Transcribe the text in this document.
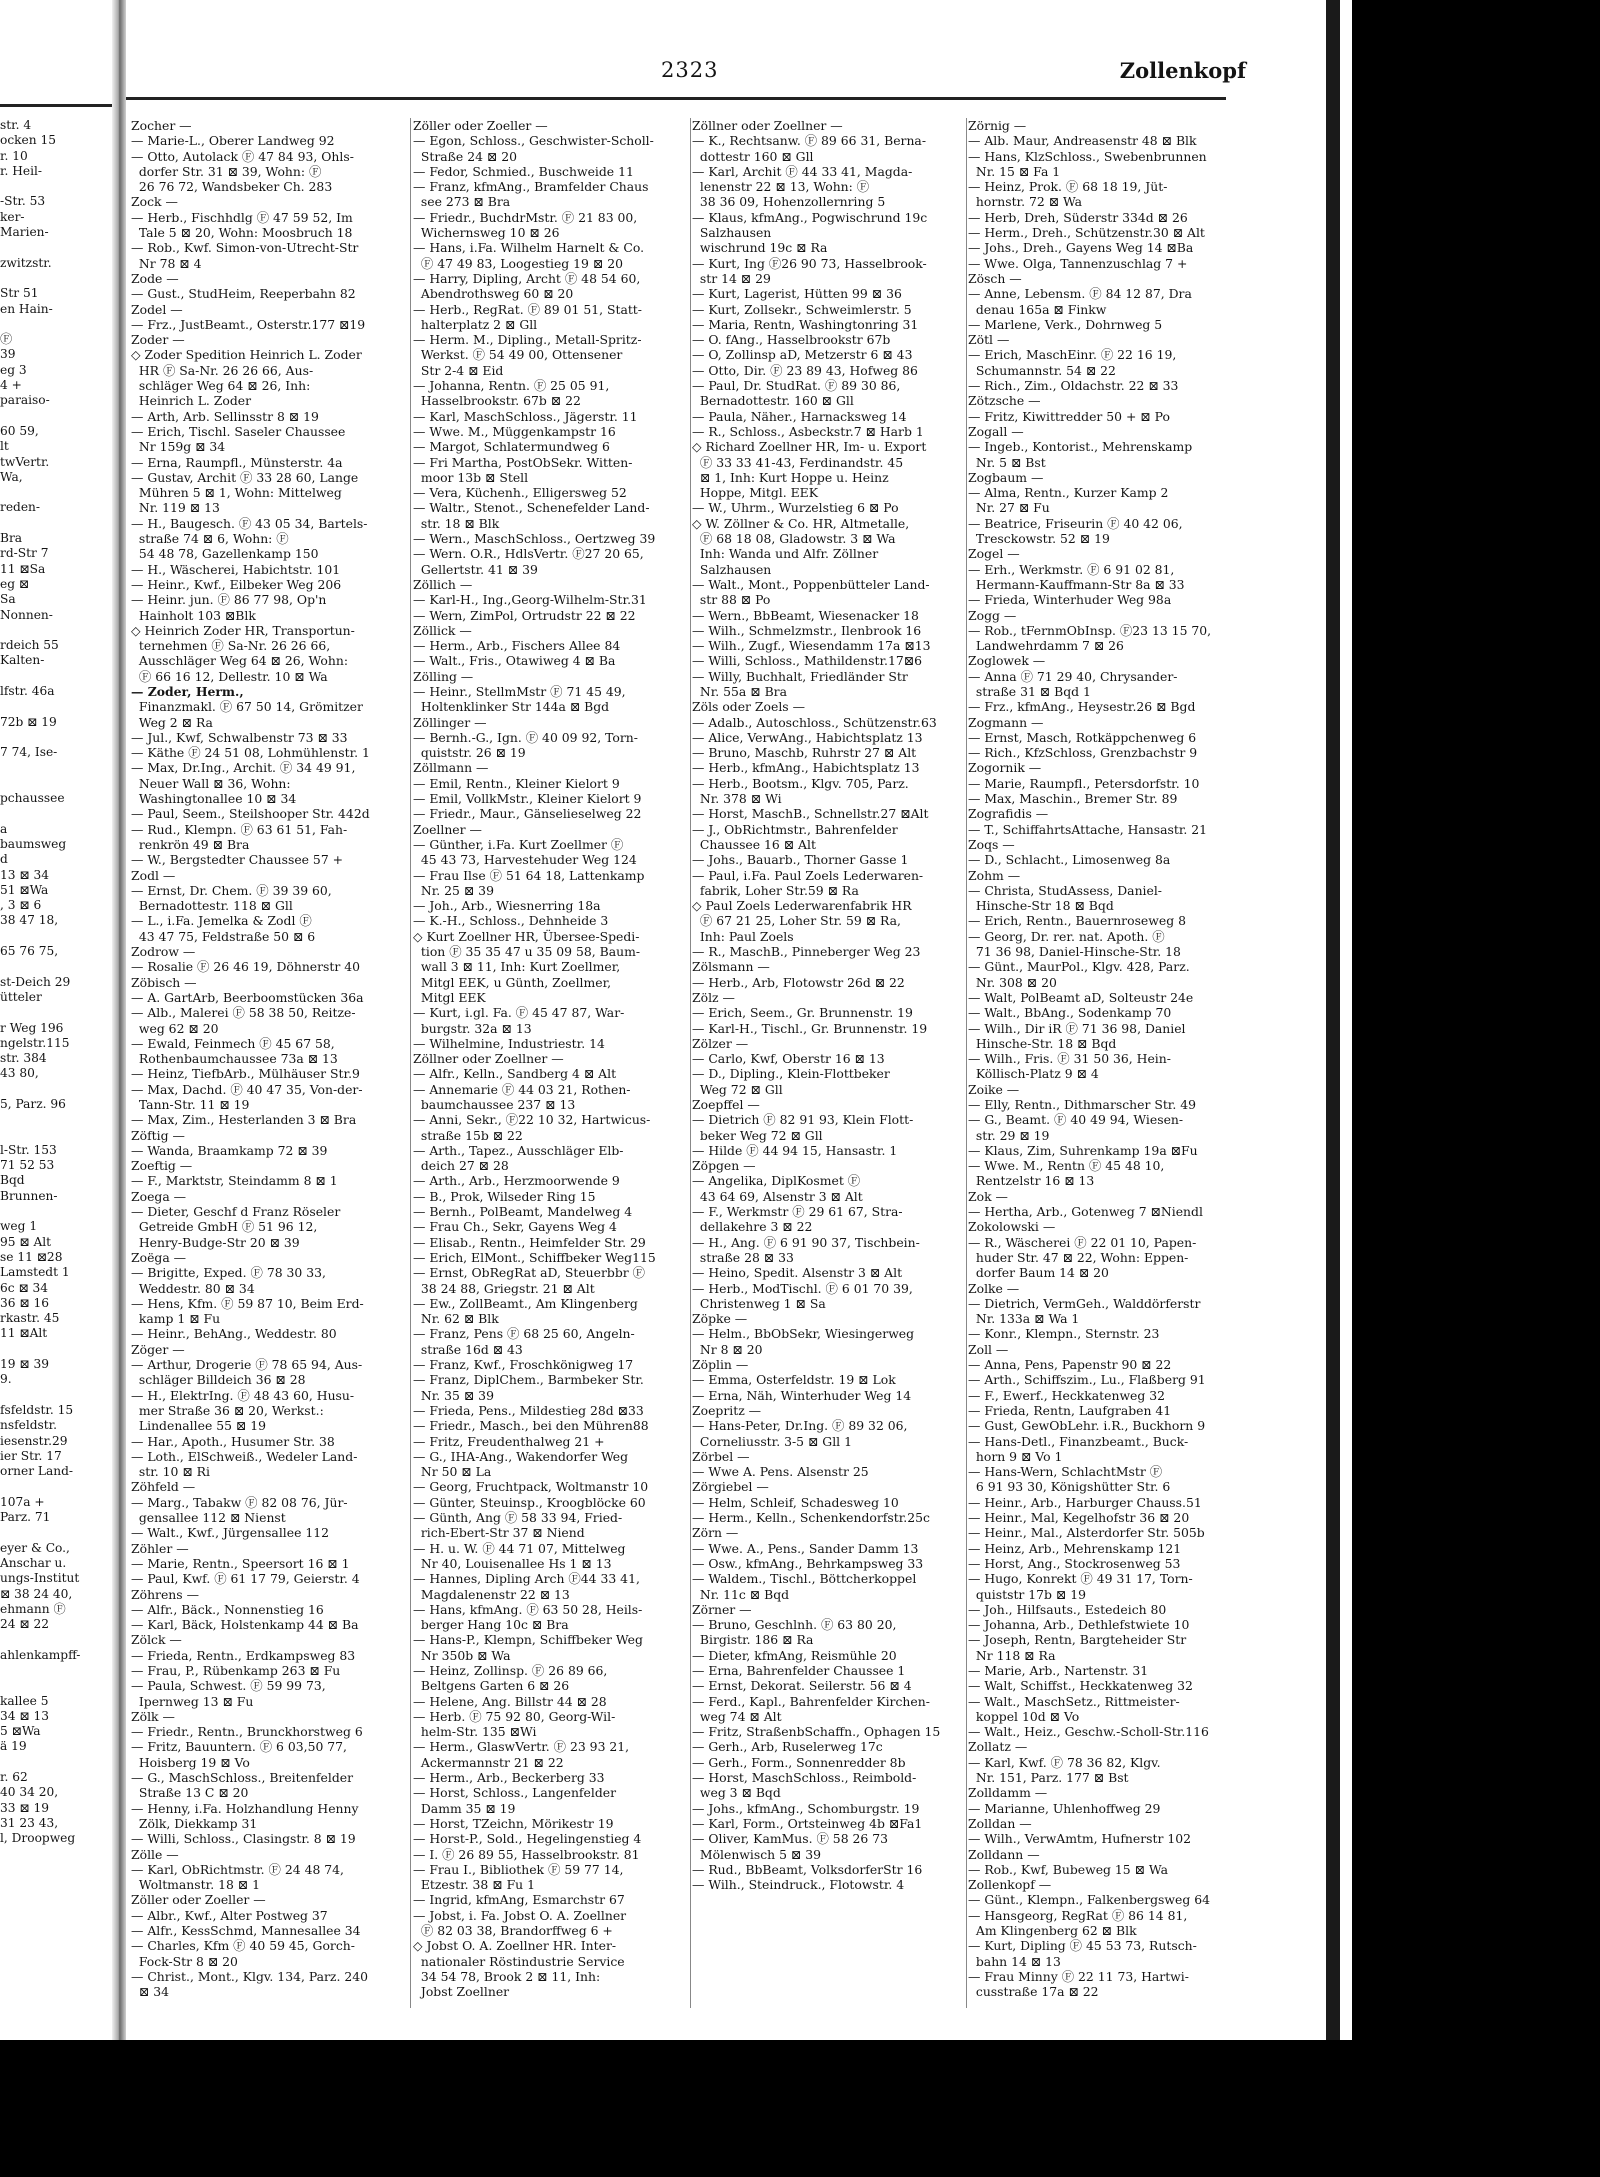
2323	Zollenkopf
str. 4
ocken 15
r. 10
r. Heil-
-Str. 53
ker-
Marien-
zwitzstr.
Str 51
en Hain-
Ⓕ
39
eg 3
4 +
paraiso-
60 59,
lt
twVertr.
Wa,
reden-
Bra
rd-Str 7
11 ⊠Sa
eg ⊠
Sa
Nonnen-
rdeich 55
Kalten-
lfstr. 46a
72b ⊠ 19
7 74, Ise-
pchaussee
a
baumsweg
d
13 ⊠ 34
51 ⊠Wa
, 3 ⊠ 6
38 47 18,
65 76 75,
st-Deich 29
ütteler
r Weg 196
ngelstr.115
str. 384
43 80,
5, Parz. 96
l-Str. 153
71 52 53
Bqd
Brunnen-
weg 1
95 ⊠ Alt
se 11 ⊠28
Lamstedt 1
6c ⊠ 34
36 ⊠ 16
rkastr. 45
11 ⊠Alt
19 ⊠ 39
9.
fsfeldstr. 15
nsfeldstr.
iesenstr.29
ier Str. 17
orner Land-
107a +
Parz. 71
eyer & Co.,
Anschar u.
ungs-Institut
⊠ 38 24 40,
ehmann Ⓕ
24 ⊠ 22
ahlenkampff-
kallee 5
34 ⊠ 13
5 ⊠Wa
ä 19
r. 62
40 34 20,
33 ⊠ 19
31 23 43,
l, Droopweg
Zocher —
— Marie-L., Oberer Landweg 92
— Otto, Autolack Ⓕ 47 84 93, Ohls-
dorfer Str. 31 ⊠ 39, Wohn: Ⓕ
26 76 72, Wandsbeker Ch. 283
Zock —
— Herb., Fischhdlg Ⓕ 47 59 52, Im
Tale 5 ⊠ 20, Wohn: Moosbruch 18
— Rob., Kwf. Simon-von-Utrecht-Str
Nr 78 ⊠ 4
Zode —
— Gust., StudHeim, Reeperbahn 82
Zodel —
— Frz., JustBeamt., Osterstr.177 ⊠19
Zoder —
◇ Zoder Spedition Heinrich L. Zoder
HR Ⓕ Sa-Nr. 26 26 66, Aus-
schläger Weg 64 ⊠ 26, Inh:
Heinrich L. Zoder
— Arth, Arb. Sellinsstr 8 ⊠ 19
— Erich, Tischl. Saseler Chaussee
Nr 159g ⊠ 34
— Erna, Raumpfl., Münsterstr. 4a
— Gustav, Archit Ⓕ 33 28 60, Lange
Mühren 5 ⊠ 1, Wohn: Mittelweg
Nr. 119 ⊠ 13
— H., Baugesch. Ⓕ 43 05 34, Bartels-
straße 74 ⊠ 6, Wohn: Ⓕ
54 48 78, Gazellenkamp 150
— H., Wäscherei, Habichtstr. 101
— Heinr., Kwf., Eilbeker Weg 206
— Heinr. jun. Ⓕ 86 77 98, Op'n
Hainholt 103 ⊠Blk
◇ Heinrich Zoder HR, Transportun-
ternehmen Ⓕ Sa-Nr. 26 26 66,
Ausschläger Weg 64 ⊠ 26, Wohn:
Ⓕ 66 16 12, Dellestr. 10 ⊠ Wa
— Zoder, Herm.,
Finanzmakl. Ⓕ 67 50 14, Grömitzer
Weg 2 ⊠ Ra
— Jul., Kwf, Schwalbenstr 73 ⊠ 33
— Käthe Ⓕ 24 51 08, Lohmühlenstr. 1
— Max, Dr.Ing., Archit. Ⓕ 34 49 91,
Neuer Wall ⊠ 36, Wohn:
Washingtonallee 10 ⊠ 34
— Paul, Seem., Steilshooper Str. 442d
— Rud., Klempn. Ⓕ 63 61 51, Fah-
renkrön 49 ⊠ Bra
— W., Bergstedter Chaussee 57 +
Zodl —
— Ernst, Dr. Chem. Ⓕ 39 39 60,
Bernadottestr. 118 ⊠ Gll
— L., i.Fa. Jemelka & Zodl Ⓕ
43 47 75, Feldstraße 50 ⊠ 6
Zodrow —
— Rosalie Ⓕ 26 46 19, Döhnerstr 40
Zöbisch —
— A. GartArb, Beerboomstücken 36a
— Alb., Malerei Ⓕ 58 38 50, Reitze-
weg 62 ⊠ 20
— Ewald, Feinmech Ⓕ 45 67 58,
Rothenbaumchaussee 73a ⊠ 13
— Heinz, TiefbArb., Mülhäuser Str.9
— Max, Dachd. Ⓕ 40 47 35, Von-der-
Tann-Str. 11 ⊠ 19
— Max, Zim., Hesterlanden 3 ⊠ Bra
Zöftig —
— Wanda, Braamkamp 72 ⊠ 39
Zoeftig —
— F., Marktstr, Steindamm 8 ⊠ 1
Zoega —
— Dieter, Geschf d Franz Röseler
Getreide GmbH Ⓕ 51 96 12,
Henry-Budge-Str 20 ⊠ 39
Zoëga —
— Brigitte, Exped. Ⓕ 78 30 33,
Weddestr. 80 ⊠ 34
— Hens, Kfm. Ⓕ 59 87 10, Beim Erd-
kamp 1 ⊠ Fu
— Heinr., BehAng., Weddestr. 80
Zöger —
— Arthur, Drogerie Ⓕ 78 65 94, Aus-
schläger Billdeich 36 ⊠ 28
— H., ElektrIng. Ⓕ 48 43 60, Husu-
mer Straße 36 ⊠ 20, Werkst.:
Lindenallee 55 ⊠ 19
— Har., Apoth., Husumer Str. 38
— Loth., ElSchweiß., Wedeler Land-
str. 10 ⊠ Ri
Zöhfeld —
— Marg., Tabakw Ⓕ 82 08 76, Jür-
gensallee 112 ⊠ Nienst
— Walt., Kwf., Jürgensallee 112
Zöhler —
— Marie, Rentn., Speersort 16 ⊠ 1
— Paul, Kwf. Ⓕ 61 17 79, Geierstr. 4
Zöhrens —
— Alfr., Bäck., Nonnenstieg 16
— Karl, Bäck, Holstenkamp 44 ⊠ Ba
Zölck —
— Frieda, Rentn., Erdkampsweg 83
— Frau, P., Rübenkamp 263 ⊠ Fu
— Paula, Schwest. Ⓕ 59 99 73,
Ipernweg 13 ⊠ Fu
Zölk —
— Friedr., Rentn., Brunckhorstweg 6
— Fritz, Bauuntern. Ⓕ 6 03,50 77,
Hoisberg 19 ⊠ Vo
— G., MaschSchloss., Breitenfelder
Straße 13 C ⊠ 20
— Henny, i.Fa. Holzhandlung Henny
Zölk, Diekkamp 31
— Willi, Schloss., Clasingstr. 8 ⊠ 19
Zölle —
— Karl, ObRichtmstr. Ⓕ 24 48 74,
Woltmanstr. 18 ⊠ 1
Zöller oder Zoeller —
— Albr., Kwf., Alter Postweg 37
— Alfr., KessSchmd, Mannesallee 34
— Charles, Kfm Ⓕ 40 59 45, Gorch-
Fock-Str 8 ⊠ 20
— Christ., Mont., Klgv. 134, Parz. 240
⊠ 34
Zöller oder Zoeller —
— Egon, Schloss., Geschwister-Scholl-
Straße 24 ⊠ 20
— Fedor, Schmied., Buschweide 11
— Franz, kfmAng., Bramfelder Chaus
see 273 ⊠ Bra
— Friedr., BuchdrMstr. Ⓕ 21 83 00,
Wichernsweg 10 ⊠ 26
— Hans, i.Fa. Wilhelm Harnelt & Co.
Ⓕ 47 49 83, Loogestieg 19 ⊠ 20
— Harry, Dipling, Archt Ⓕ 48 54 60,
Abendrothsweg 60 ⊠ 20
— Herb., RegRat. Ⓕ 89 01 51, Statt-
halterplatz 2 ⊠ Gll
— Herm. M., Dipling., Metall-Spritz-
Werkst. Ⓕ 54 49 00, Ottensener
Str 2-4 ⊠ Eid
— Johanna, Rentn. Ⓕ 25 05 91,
Hasselbrookstr. 67b ⊠ 22
— Karl, MaschSchloss., Jägerstr. 11
— Wwe. M., Müggenkampstr 16
— Margot, Schlatermundweg 6
— Fri Martha, PostObSekr. Witten-
moor 13b ⊠ Stell
— Vera, Küchenh., Elligersweg 52
— Waltr., Stenot., Schenefelder Land-
str. 18 ⊠ Blk
— Wern., MaschSchloss., Oertzweg 39
— Wern. O.R., HdlsVertr. Ⓕ27 20 65,
Gellertstr. 41 ⊠ 39
Zöllich —
— Karl-H., Ing.,Georg-Wilhelm-Str.31
— Wern, ZimPol, Ortrudstr 22 ⊠ 22
Zöllick —
— Herm., Arb., Fischers Allee 84
— Walt., Fris., Otawiweg 4 ⊠ Ba
Zölling —
— Heinr., StellmMstr Ⓕ 71 45 49,
Holtenklinker Str 144a ⊠ Bgd
Zöllinger —
— Bernh.-G., Ign. Ⓕ 40 09 92, Torn-
quiststr. 26 ⊠ 19
Zöllmann —
— Emil, Rentn., Kleiner Kielort 9
— Emil, VollkMstr., Kleiner Kielort 9
— Friedr., Maur., Gänselieselweg 22
Zoellner —
— Günther, i.Fa. Kurt Zoellmer Ⓕ
45 43 73, Harvestehuder Weg 124
— Frau Ilse Ⓕ 51 64 18, Lattenkamp
Nr. 25 ⊠ 39
— Joh., Arb., Wiesnerring 18a
— K.-H., Schloss., Dehnheide 3
◇ Kurt Zoellner HR, Übersee-Spedi-
tion Ⓕ 35 35 47 u 35 09 58, Baum-
wall 3 ⊠ 11, Inh: Kurt Zoellmer,
Mitgl EEK, u Günth, Zoellmer,
Mitgl EEK
— Kurt, i.gl. Fa. Ⓕ 45 47 87, War-
burgstr. 32a ⊠ 13
— Wilhelmine, Industriestr. 14
Zöllner oder Zoellner —
— Alfr., Kelln., Sandberg 4 ⊠ Alt
— Annemarie Ⓕ 44 03 21, Rothen-
baumchaussee 237 ⊠ 13
— Anni, Sekr., Ⓕ22 10 32, Hartwicus-
straße 15b ⊠ 22
— Arth., Tapez., Ausschläger Elb-
deich 27 ⊠ 28
— Arth., Arb., Herzmoorwende 9
— B., Prok, Wilseder Ring 15
— Bernh., PolBeamt, Mandelweg 4
— Frau Ch., Sekr, Gayens Weg 4
— Elisab., Rentn., Heimfelder Str. 29
— Erich, ElMont., Schiffbeker Weg115
— Ernst, ObRegRat aD, Steuerbbr Ⓕ
38 24 88, Griegstr. 21 ⊠ Alt
— Ew., ZollBeamt., Am Klingenberg
Nr. 62 ⊠ Blk
— Franz, Pens Ⓕ 68 25 60, Angeln-
straße 16d ⊠ 43
— Franz, Kwf., Froschkönigweg 17
— Franz, DiplChem., Barmbeker Str.
Nr. 35 ⊠ 39
— Frieda, Pens., Mildestieg 28d ⊠33
— Friedr., Masch., bei den Mühren88
— Fritz, Freudenthalweg 21 +
— G., IHA-Ang., Wakendorfer Weg
Nr 50 ⊠ La
— Georg, Fruchtpack, Woltmanstr 10
— Günter, Steuinsp., Kroogblöcke 60
— Günth, Ang Ⓕ 58 33 94, Fried-
rich-Ebert-Str 37 ⊠ Niend
— H. u. W. Ⓕ 44 71 07, Mittelweg
Nr 40, Louisenallee Hs 1 ⊠ 13
— Hannes, Dipling Arch Ⓕ44 33 41,
Magdalenenstr 22 ⊠ 13
— Hans, kfmAng. Ⓕ 63 50 28, Heils-
berger Hang 10c ⊠ Bra
— Hans-P., Klempn, Schiffbeker Weg
Nr 350b ⊠ Wa
— Heinz, Zollinsp. Ⓕ 26 89 66,
Beltgens Garten 6 ⊠ 26
— Helene, Ang. Billstr 44 ⊠ 28
— Herb. Ⓕ 75 92 80, Georg-Wil-
helm-Str. 135 ⊠Wi
— Herm., GlaswVertr. Ⓕ 23 93 21,
Ackermannstr 21 ⊠ 22
— Herm., Arb., Beckerberg 33
— Horst, Schloss., Langenfelder
Damm 35 ⊠ 19
— Horst, TZeichn, Mörikestr 19
— Horst-P., Sold., Hegelingenstieg 4
— I. Ⓕ 26 89 55, Hasselbrookstr. 81
— Frau I., Bibliothek Ⓕ 59 77 14,
Etzestr. 38 ⊠ Fu 1
— Ingrid, kfmAng, Esmarchstr 67
— Jobst, i. Fa. Jobst O. A. Zoellner
Ⓕ 82 03 38, Brandorffweg 6 +
◇ Jobst O. A. Zoellner HR. Inter-
nationaler Röstindustrie Service
34 54 78, Brook 2 ⊠ 11, Inh:
Jobst Zoellner
Zöllner oder Zoellner —
— K., Rechtsanw. Ⓕ 89 66 31, Berna-
dottestr 160 ⊠ Gll
— Karl, Archit Ⓕ 44 33 41, Magda-
lenenstr 22 ⊠ 13, Wohn: Ⓕ
38 36 09, Hohenzollernring 5
— Klaus, kfmAng., Pogwischrund 19c
Salzhausen
wischrund 19c ⊠ Ra
— Kurt, Ing Ⓕ26 90 73, Hasselbrook-
str 14 ⊠ 29
— Kurt, Lagerist, Hütten 99 ⊠ 36
— Kurt, Zollsekr., Schweimlerstr. 5
— Maria, Rentn, Washingtonring 31
— O. fAng., Hasselbrookstr 67b
— O, Zollinsp aD, Metzerstr 6 ⊠ 43
— Otto, Dir. Ⓕ 23 89 43, Hofweg 86
— Paul, Dr. StudRat. Ⓕ 89 30 86,
Bernadottestr. 160 ⊠ Gll
— Paula, Näher., Harnacksweg 14
— R., Schloss., Asbeckstr.7 ⊠ Harb 1
◇ Richard Zoellner HR, Im- u. Export
Ⓕ 33 33 41-43, Ferdinandstr. 45
⊠ 1, Inh: Kurt Hoppe u. Heinz
Hoppe, Mitgl. EEK
— W., Uhrm., Wurzelstieg 6 ⊠ Po
◇ W. Zöllner & Co. HR, Altmetalle,
Ⓕ 68 18 08, Gladowstr. 3 ⊠ Wa
Inh: Wanda und Alfr. Zöllner
Salzhausen
— Walt., Mont., Poppenbütteler Land-
str 88 ⊠ Po
— Wern., BbBeamt, Wiesenacker 18
— Wilh., Schmelzmstr., Ilenbrook 16
— Wilh., Zugf., Wiesendamm 17a ⊠13
— Willi, Schloss., Mathildenstr.17⊠6
— Willy, Buchhalt, Friedländer Str
Nr. 55a ⊠ Bra
Zöls oder Zoels —
— Adalb., Autoschloss., Schützenstr.63
— Alice, VerwAng., Habichtsplatz 13
— Bruno, Maschb, Ruhrstr 27 ⊠ Alt
— Herb., kfmAng., Habichtsplatz 13
— Herb., Bootsm., Klgv. 705, Parz.
Nr. 378 ⊠ Wi
— Horst, MaschB., Schnellstr.27 ⊠Alt
— J., ObRichtmstr., Bahrenfelder
Chaussee 16 ⊠ Alt
— Johs., Bauarb., Thorner Gasse 1
— Paul, i.Fa. Paul Zoels Lederwaren-
fabrik, Loher Str.59 ⊠ Ra
◇ Paul Zoels Lederwarenfabrik HR
Ⓕ 67 21 25, Loher Str. 59 ⊠ Ra,
Inh: Paul Zoels
— R., MaschB., Pinneberger Weg 23
Zölsmann —
— Herb., Arb, Flotowstr 26d ⊠ 22
Zölz —
— Erich, Seem., Gr. Brunnenstr. 19
— Karl-H., Tischl., Gr. Brunnenstr. 19
Zölzer —
— Carlo, Kwf, Oberstr 16 ⊠ 13
— D., Dipling., Klein-Flottbeker
Weg 72 ⊠ Gll
Zoepffel —
— Dietrich Ⓕ 82 91 93, Klein Flott-
beker Weg 72 ⊠ Gll
— Hilde Ⓕ 44 94 15, Hansastr. 1
Zöpgen —
— Angelika, DiplKosmet Ⓕ
43 64 69, Alsenstr 3 ⊠ Alt
— F., Werkmstr Ⓕ 29 61 67, Stra-
dellakehre 3 ⊠ 22
— H., Ang. Ⓕ 6 91 90 37, Tischbein-
straße 28 ⊠ 33
— Heino, Spedit. Alsenstr 3 ⊠ Alt
— Herb., ModTischl. Ⓕ 6 01 70 39,
Christenweg 1 ⊠ Sa
Zöpke —
— Helm., BbObSekr, Wiesingerweg
Nr 8 ⊠ 20
Zöplin —
— Emma, Osterfeldstr. 19 ⊠ Lok
— Erna, Näh, Winterhuder Weg 14
Zoepritz —
— Hans-Peter, Dr.Ing. Ⓕ 89 32 06,
Corneliusstr. 3-5 ⊠ Gll 1
Zörbel —
— Wwe A. Pens. Alsenstr 25
Zörgiebel —
— Helm, Schleif, Schadesweg 10
— Herm., Kelln., Schenkendorfstr.25c
Zörn —
— Wwe. A., Pens., Sander Damm 13
— Osw., kfmAng., Behrkampsweg 33
— Waldem., Tischl., Böttcherkoppel
Nr. 11c ⊠ Bqd
Zörner —
— Bruno, Geschlnh. Ⓕ 63 80 20,
Birgistr. 186 ⊠ Ra
— Dieter, kfmAng, Reismühle 20
— Erna, Bahrenfelder Chaussee 1
— Ernst, Dekorat. Seilerstr. 56 ⊠ 4
— Ferd., Kapl., Bahrenfelder Kirchen-
weg 74 ⊠ Alt
— Fritz, StraßenbSchaffn., Ophagen 15
— Gerh., Arb, Ruselerweg 17c
— Gerh., Form., Sonnenredder 8b
— Horst, MaschSchloss., Reimbold-
weg 3 ⊠ Bqd
— Johs., kfmAng., Schomburgstr. 19
— Karl, Form., Ortsteinweg 4b ⊠Fa1
— Oliver, KamMus. Ⓕ 58 26 73
Mölenwisch 5 ⊠ 39
— Rud., BbBeamt, VolksdorferStr 16
— Wilh., Steindruck., Flotowstr. 4
Zörnig —
— Alb. Maur, Andreasenstr 48 ⊠ Blk
— Hans, KlzSchloss., Swebenbrunnen
Nr. 15 ⊠ Fa 1
— Heinz, Prok. Ⓕ 68 18 19, Jüt-
hornstr. 72 ⊠ Wa
— Herb, Dreh, Süderstr 334d ⊠ 26
— Herm., Dreh., Schützenstr.30 ⊠ Alt
— Johs., Dreh., Gayens Weg 14 ⊠Ba
— Wwe. Olga, Tannenzuschlag 7 +
Zösch —
— Anne, Lebensm. Ⓕ 84 12 87, Dra
denau 165a ⊠ Finkw
— Marlene, Verk., Dohrnweg 5
Zötl —
— Erich, MaschEinr. Ⓕ 22 16 19,
Schumannstr. 54 ⊠ 22
— Rich., Zim., Oldachstr. 22 ⊠ 33
Zötzsche —
— Fritz, Kiwittredder 50 + ⊠ Po
Zogall —
— Ingeb., Kontorist., Mehrenskamp
Nr. 5 ⊠ Bst
Zogbaum —
— Alma, Rentn., Kurzer Kamp 2
Nr. 27 ⊠ Fu
— Beatrice, Friseurin Ⓕ 40 42 06,
Tresckowstr. 52 ⊠ 19
Zogel —
— Erh., Werkmstr. Ⓕ 6 91 02 81,
Hermann-Kauffmann-Str 8a ⊠ 33
— Frieda, Winterhuder Weg 98a
Zogg —
— Rob., tFernmObInsp. Ⓕ23 13 15 70,
Landwehrdamm 7 ⊠ 26
Zoglowek —
— Anna Ⓕ 71 29 40, Chrysander-
straße 31 ⊠ Bqd 1
— Frz., kfmAng., Heysestr.26 ⊠ Bgd
Zogmann —
— Ernst, Masch, Rotkäppchenweg 6
— Rich., KfzSchloss, Grenzbachstr 9
Zogornik —
— Marie, Raumpfl., Petersdorfstr. 10
— Max, Maschin., Bremer Str. 89
Zografidis —
— T., SchiffahrtsAttache, Hansastr. 21
Zoqs —
— D., Schlacht., Limosenweg 8a
Zohm —
— Christa, StudAssess, Daniel-
Hinsche-Str 18 ⊠ Bqd
— Erich, Rentn., Bauernroseweg 8
— Georg, Dr. rer. nat. Apoth. Ⓕ
71 36 98, Daniel-Hinsche-Str. 18
— Günt., MaurPol., Klgv. 428, Parz.
Nr. 308 ⊠ 20
— Walt, PolBeamt aD, Solteustr 24e
— Walt., BbAng., Sodenkamp 70
— Wilh., Dir iR Ⓕ 71 36 98, Daniel
Hinsche-Str. 18 ⊠ Bqd
— Wilh., Fris. Ⓕ 31 50 36, Hein-
Köllisch-Platz 9 ⊠ 4
Zoike —
— Elly, Rentn., Dithmarscher Str. 49
— G., Beamt. Ⓕ 40 49 94, Wiesen-
str. 29 ⊠ 19
— Klaus, Zim, Suhrenkamp 19a ⊠Fu
— Wwe. M., Rentn Ⓕ 45 48 10,
Rentzelstr 16 ⊠ 13
Zok —
— Hertha, Arb., Gotenweg 7 ⊠Niendl
Zokolowski —
— R., Wäscherei Ⓕ 22 01 10, Papen-
huder Str. 47 ⊠ 22, Wohn: Eppen-
dorfer Baum 14 ⊠ 20
Zolke —
— Dietrich, VermGeh., Walddörferstr
Nr. 133a ⊠ Wa 1
— Konr., Klempn., Sternstr. 23
Zoll —
— Anna, Pens, Papenstr 90 ⊠ 22
— Arth., Schiffszim., Lu., Flaßberg 91
— F., Ewerf., Heckkatenweg 32
— Frieda, Rentn, Laufgraben 41
— Gust, GewObLehr. i.R., Buckhorn 9
— Hans-Detl., Finanzbeamt., Buck-
horn 9 ⊠ Vo 1
— Hans-Wern, SchlachtMstr Ⓕ
6 91 93 30, Königshütter Str. 6
— Heinr., Arb., Harburger Chauss.51
— Heinr., Mal, Kegelhofstr 36 ⊠ 20
— Heinr., Mal., Alsterdorfer Str. 505b
— Heinz, Arb., Mehrenskamp 121
— Horst, Ang., Stockrosenweg 53
— Hugo, Konrekt Ⓕ 49 31 17, Torn-
quiststr 17b ⊠ 19
— Joh., Hilfsauts., Estedeich 80
— Johanna, Arb., Dethlefstwiete 10
— Joseph, Rentn, Bargteheider Str
Nr 118 ⊠ Ra
— Marie, Arb., Nartenstr. 31
— Walt, Schiffst., Heckkatenweg 32
— Walt., MaschSetz., Rittmeister-
koppel 10d ⊠ Vo
— Walt., Heiz., Geschw.-Scholl-Str.116
Zollatz —
— Karl, Kwf. Ⓕ 78 36 82, Klgv.
Nr. 151, Parz. 177 ⊠ Bst
Zolldamm —
— Marianne, Uhlenhoffweg 29
Zolldan —
— Wilh., VerwAmtm, Hufnerstr 102
Zolldann —
— Rob., Kwf, Bubeweg 15 ⊠ Wa
Zollenkopf —
— Günt., Klempn., Falkenbergsweg 64
— Hansgeorg, RegRat Ⓕ 86 14 81,
Am Klingenberg 62 ⊠ Blk
— Kurt, Dipling Ⓕ 45 53 73, Rutsch-
bahn 14 ⊠ 13
— Frau Minny Ⓕ 22 11 73, Hartwi-
cusstraße 17a ⊠ 22
